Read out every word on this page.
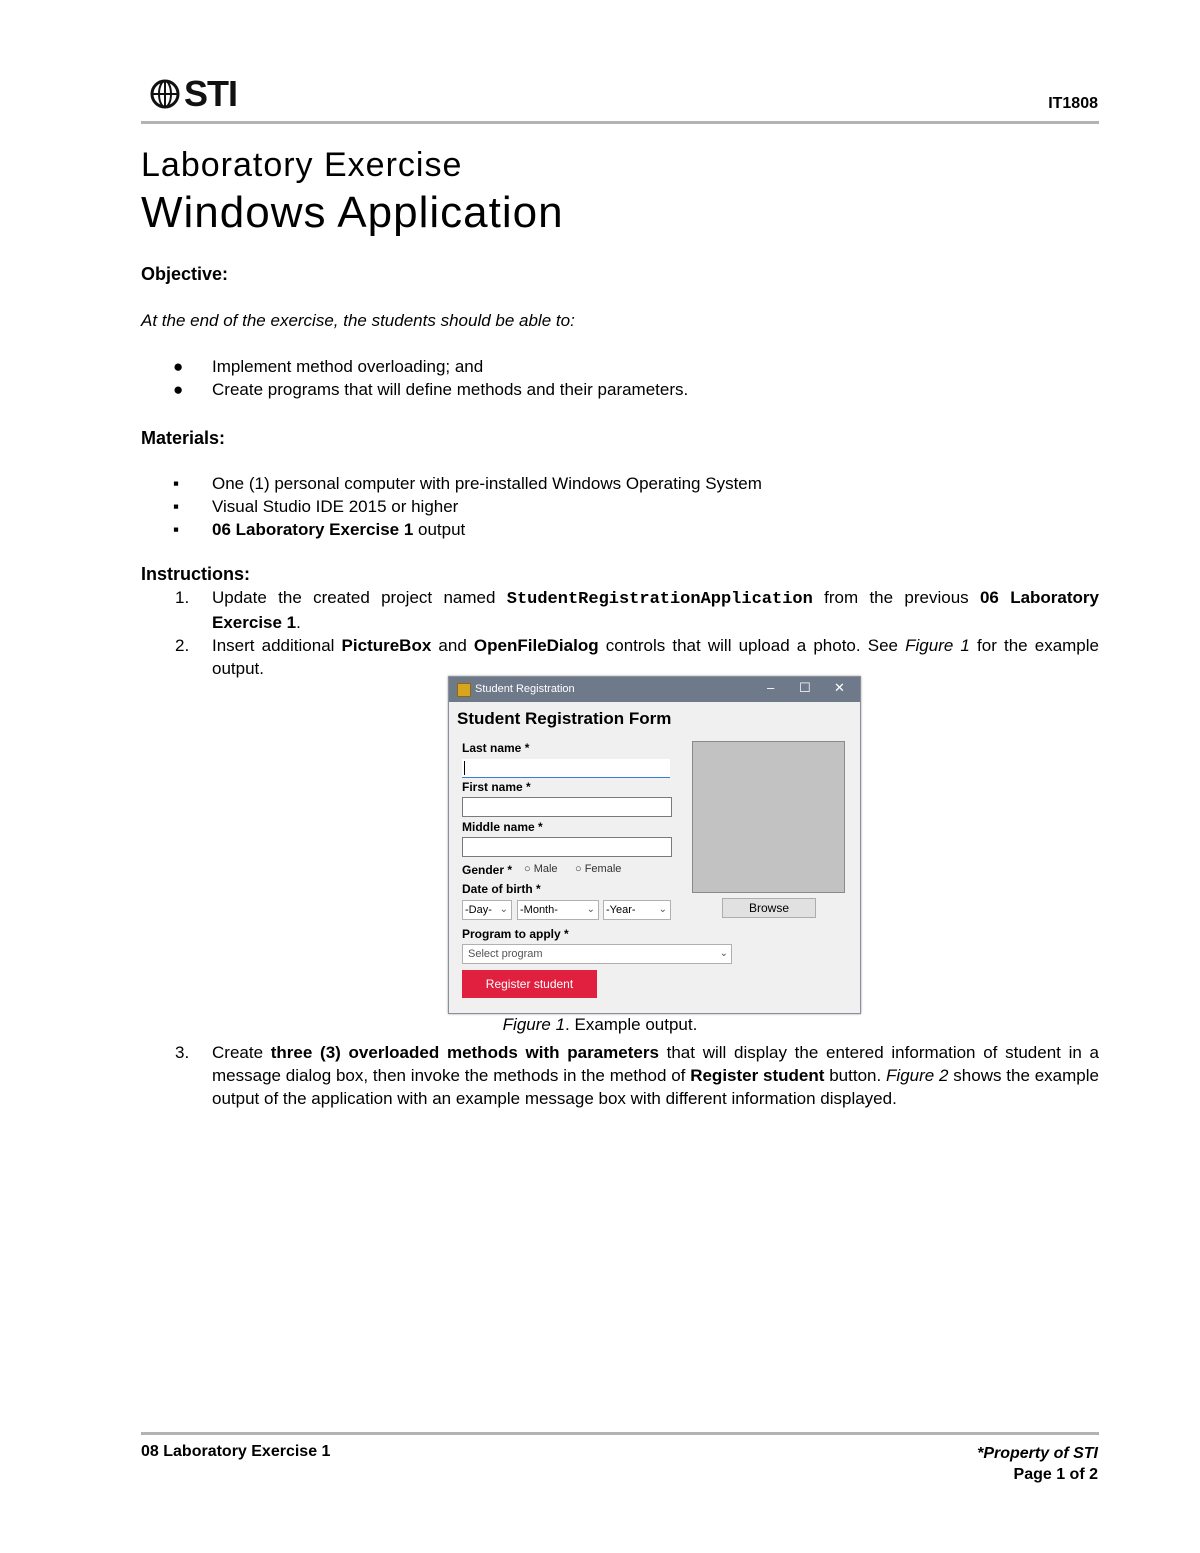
STI	IT1808
Laboratory Exercise
Windows Application
Objective:
At the end of the exercise, the students should be able to:
● Implement method overloading; and
● Create programs that will define methods and their parameters.
Materials:
▪ One (1) personal computer with pre-installed Windows Operating System
▪ Visual Studio IDE 2015 or higher
▪ 06 Laboratory Exercise 1 output
Instructions:
1. Update the created project named StudentRegistrationApplication from the previous 06 Laboratory Exercise 1.
2. Insert additional PictureBox and OpenFileDialog controls that will upload a photo. See Figure 1 for the example output.
Student Registration	– ☐ ✕
Student Registration Form
Last name *
First name *
Middle name *
Gender * ○ Male ○ Female
Date of birth *
-Day- ⌄ -Month-	⌄ -Year- ⌄	Browse
Program to apply *
Select program	⌄
Register student
Figure 1. Example output.
3. Create three (3) overloaded methods with parameters that will display the entered information of student in a message dialog box, then invoke the methods in the method of Register student button. Figure 2 shows the example output of the application with an example message box with different information displayed.
08 Laboratory Exercise 1	*Property of STI
Page 1 of 2
